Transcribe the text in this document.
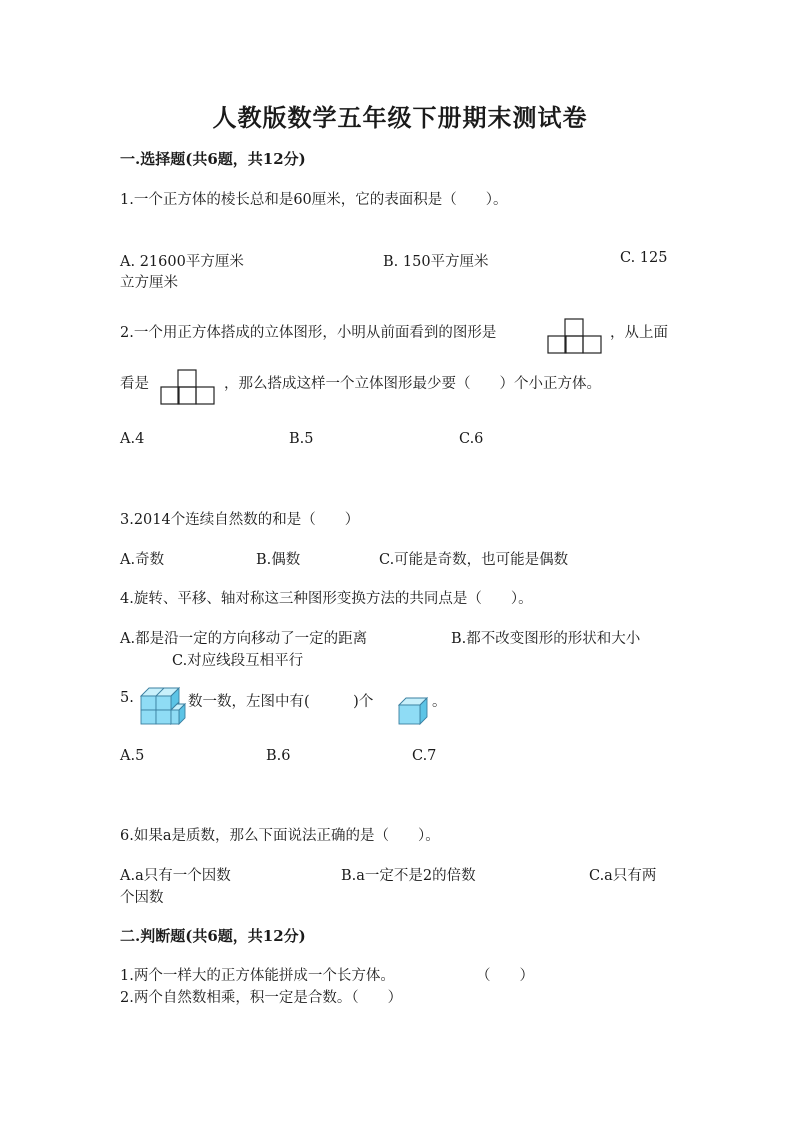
人教版数学五年级下册期末测试卷
一.选择题(共6题，共12分)
1.一个正方体的棱长总和是60厘米，它的表面积是（　　）。
A. 21600平方厘米	B. 150平方厘米	C. 125
立方厘米
2.一个用正方体搭成的立体图形，小明从前面看到的图形是	，从上面
看是	，那么搭成这样一个立体图形最少要（　　）个小正方体。
A.4	B.5	C.6
3.2014个连续自然数的和是（　　）
A.奇数	B.偶数	C.可能是奇数，也可能是偶数
4.旋转、平移、轴对称这三种图形变换方法的共同点是（　　）。
A.都是沿一定的方向移动了一定的距离	B.都不改变图形的形状和大小
C.对应线段互相平行
5.	数一数，左图中有(　　　)个	。
A.5	B.6	C.7
6.如果a是质数，那么下面说法正确的是（　　）。
A.a只有一个因数	B.a一定不是2的倍数	C.a只有两
个因数
二.判断题(共6题，共12分)
1.两个一样大的正方体能拼成一个长方体。	（　　）
2.两个自然数相乘，积一定是合数。（　　）
